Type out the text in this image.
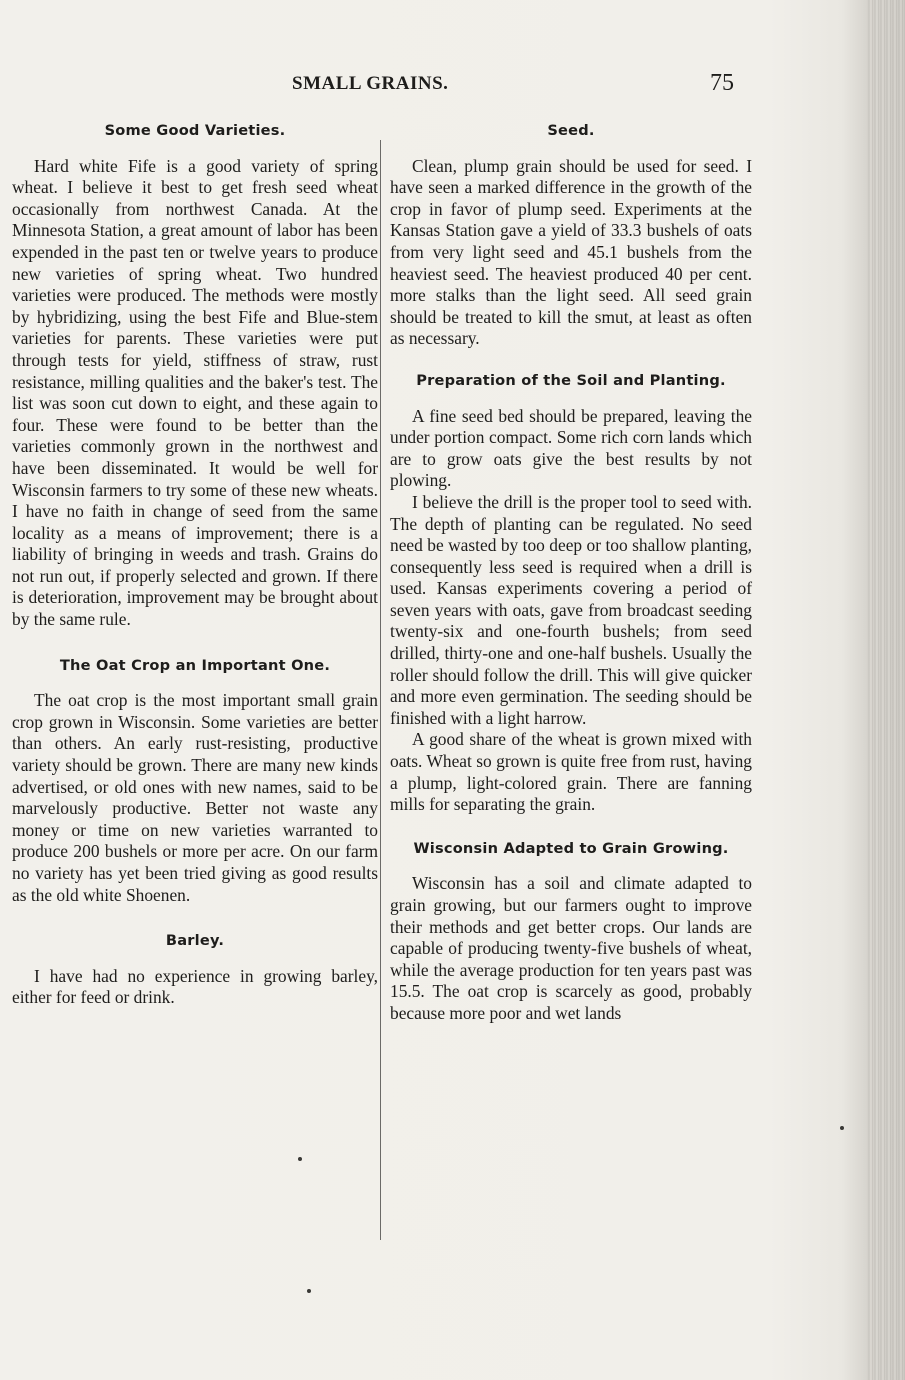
SMALL GRAINS.	75
Some Good Varieties.

Hard white Fife is a good variety of spring wheat. I believe it best to get fresh seed wheat occasionally from northwest Canada. At the Minnesota Station, a great amount of labor has been expended in the past ten or twelve years to produce new varieties of spring wheat. Two hundred varieties were produced. The methods were mostly by hybridizing, using the best Fife and Blue-stem varieties for parents. These varieties were put through tests for yield, stiffness of straw, rust resistance, milling qualities and the baker's test. The list was soon cut down to eight, and these again to four. These were found to be better than the varieties commonly grown in the northwest and have been disseminated. It would be well for Wisconsin farmers to try some of these new wheats. I have no faith in change of seed from the same locality as a means of improvement; there is a liability of bringing in weeds and trash. Grains do not run out, if properly selected and grown. If there is deterioration, improvement may be brought about by the same rule.

The Oat Crop an Important One.

The oat crop is the most important small grain crop grown in Wisconsin. Some varieties are better than others. An early rust-resisting, productive variety should be grown. There are many new kinds advertised, or old ones with new names, said to be marvelously productive. Better not waste any money or time on new varieties warranted to produce 200 bushels or more per acre. On our farm no variety has yet been tried giving as good results as the old white Shoenen.

Barley.

I have had no experience in growing barley, either for feed or drink.

Seed.

Clean, plump grain should be used for seed. I have seen a marked difference in the growth of the crop in favor of plump seed. Experiments at the Kansas Station gave a yield of 33.3 bushels of oats from very light seed and 45.1 bushels from the heaviest seed. The heaviest produced 40 per cent. more stalks than the light seed. All seed grain should be treated to kill the smut, at least as often as necessary.

Preparation of the Soil and Planting.

A fine seed bed should be prepared, leaving the under portion compact. Some rich corn lands which are to grow oats give the best results by not plowing.

I believe the drill is the proper tool to seed with. The depth of planting can be regulated. No seed need be wasted by too deep or too shallow planting, consequently less seed is required when a drill is used. Kansas experiments covering a period of seven years with oats, gave from broadcast seeding twenty-six and one-fourth bushels; from seed drilled, thirty-one and one-half bushels. Usually the roller should follow the drill. This will give quicker and more even germination. The seeding should be finished with a light harrow.

A good share of the wheat is grown mixed with oats. Wheat so grown is quite free from rust, having a plump, light-colored grain. There are fanning mills for separating the grain.

Wisconsin Adapted to Grain Growing.

Wisconsin has a soil and climate adapted to grain growing, but our farmers ought to improve their methods and get better crops. Our lands are capable of producing twenty-five bushels of wheat, while the average production for ten years past was 15.5. The oat crop is scarcely as good, probably because more poor and wet lands
